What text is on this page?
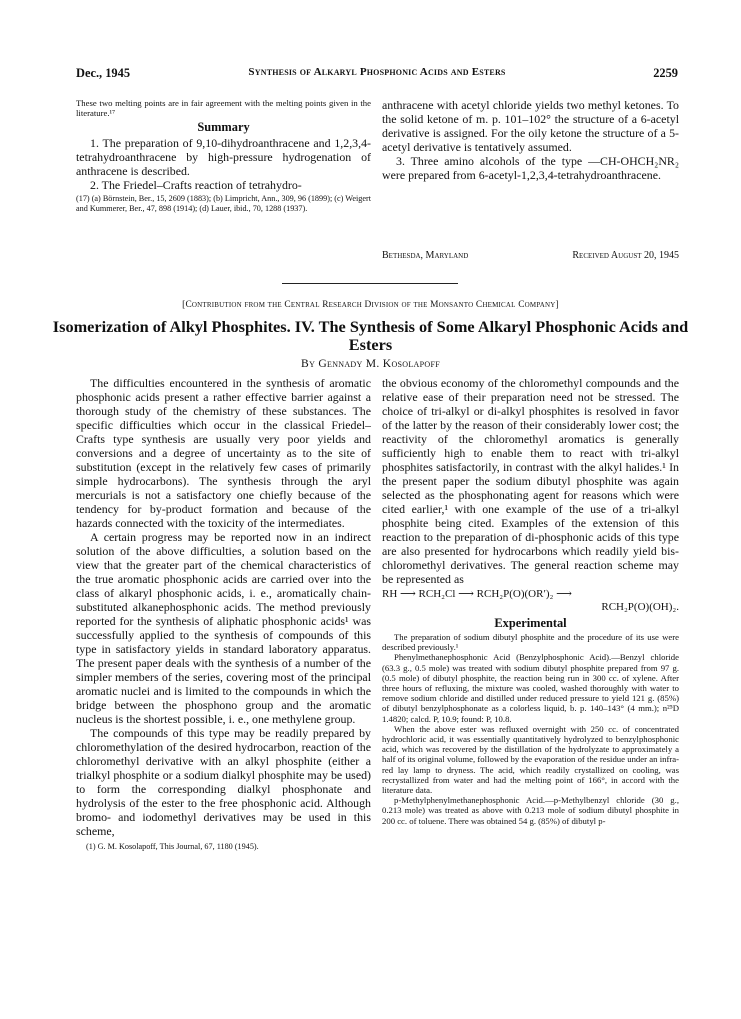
Dec., 1945	Synthesis of Alkaryl Phosphonic Acids and Esters	2259

These two melting points are in fair agreement with the melting points given in the literature.¹⁷

Summary

1. The preparation of 9,10-dihydroanthracene and 1,2,3,4-tetrahydroanthracene by high-pressure hydrogenation of anthracene is described.

2. The Friedel–Crafts reaction of tetrahydro-

(17) (a) Börnstein, Ber., 15, 2609 (1883); (b) Limpricht, Ann., 309, 96 (1899); (c) Weigert and Kummerer, Ber., 47, 898 (1914); (d) Lauer, ibid., 70, 1288 (1937).

anthracene with acetyl chloride yields two methyl ketones. To the solid ketone of m. p. 101–102° the structure of a 6-acetyl derivative is assigned. For the oily ketone the structure of a 5-acetyl derivative is tentatively assumed.

3. Three amino alcohols of the type —CH-OHCH₂NR₂ were prepared from 6-acetyl-1,2,3,4-tetrahydroanthracene.

Bethesda, Maryland	Received August 20, 1945
[Contribution from the Central Research Division of the Monsanto Chemical Company]
Isomerization of Alkyl Phosphites. IV. The Synthesis of Some Alkaryl Phosphonic Acids and Esters
By Gennady M. Kosolapoff

The difficulties encountered in the synthesis of aromatic phosphonic acids present a rather effective barrier against a thorough study of the chemistry of these substances. The specific difficulties which occur in the classical Friedel–Crafts type synthesis are usually very poor yields and conversions and a degree of uncertainty as to the site of substitution (except in the relatively few cases of primarily simple hydrocarbons). The synthesis through the aryl mercurials is not a satisfactory one chiefly because of the tendency for by-product formation and because of the hazards connected with the toxicity of the intermediates.

A certain progress may be reported now in an indirect solution of the above difficulties, a solution based on the view that the greater part of the chemical characteristics of the true aromatic phosphonic acids are carried over into the class of alkaryl phosphonic acids, i. e., aromatically chain-substituted alkanephosphonic acids. The method previously reported for the synthesis of aliphatic phosphonic acids¹ was successfully applied to the synthesis of compounds of this type in satisfactory yields in standard laboratory apparatus. The present paper deals with the synthesis of a number of the simpler members of the series, covering most of the principal aromatic nuclei and is limited to the compounds in which the bridge between the phosphono group and the aromatic nucleus is the shortest possible, i. e., one methylene group.

The compounds of this type may be readily prepared by chloromethylation of the desired hydrocarbon, reaction of the chloromethyl derivative with an alkyl phosphite (either a trialkyl phosphite or a sodium dialkyl phosphite may be used) to form the corresponding dialkyl phosphonate and hydrolysis of the ester to the free phosphonic acid. Although bromo- and iodomethyl derivatives may be used in this scheme,

(1) G. M. Kosolapoff, This Journal, 67, 1180 (1945).

the obvious economy of the chloromethyl compounds and the relative ease of their preparation need not be stressed. The choice of tri-alkyl or di-alkyl phosphites is resolved in favor of the latter by the reason of their considerably lower cost; the reactivity of the chloromethyl aromatics is generally sufficiently high to enable them to react with tri-alkyl phosphites satisfactorily, in contrast with the alkyl halides.¹ In the present paper the sodium dibutyl phosphite was again selected as the phosphonating agent for reasons which were cited earlier,¹ with one example of the use of a tri-alkyl phosphite being cited. Examples of the extension of this reaction to the preparation of di-phosphonic acids of this type are also presented for hydrocarbons which readily yield bis-chloromethyl derivatives. The general reaction scheme may be represented as

RH ⟶ RCH₂Cl ⟶ RCH₂P(O)(OR′)₂ ⟶
RCH₂P(O)(OH)₂.
Experimental

The preparation of sodium dibutyl phosphite and the procedure of its use were described previously.¹

Phenylmethanephosphonic Acid (Benzylphosphonic Acid).—Benzyl chloride (63.3 g., 0.5 mole) was treated with sodium dibutyl phosphite prepared from 97 g. (0.5 mole) of dibutyl phosphite, the reaction being run in 300 cc. of xylene. After three hours of refluxing, the mixture was cooled, washed thoroughly with water to remove sodium chloride and distilled under reduced pressure to yield 121 g. (85%) of dibutyl benzylphosphonate as a colorless liquid, b. p. 140–143° (4 mm.); n²⁵D 1.4820; calcd. P, 10.9; found: P, 10.8.

When the above ester was refluxed overnight with 250 cc. of concentrated hydrochloric acid, it was essentially quantitatively hydrolyzed to benzylphosphonic acid, which was recovered by the distillation of the hydrolyzate to approximately a half of its original volume, followed by the evaporation of the residue under an infra-red lay lamp to dryness. The acid, which readily crystallized on cooling, was recrystallized from water and had the melting point of 166°, in accord with the literature data.

p-Methylphenylmethanephosphonic Acid.—p-Methylbenzyl chloride (30 g., 0.213 mole) was treated as above with 0.213 mole of sodium dibutyl phosphite in 200 cc. of toluene. There was obtained 54 g. (85%) of dibutyl p-
